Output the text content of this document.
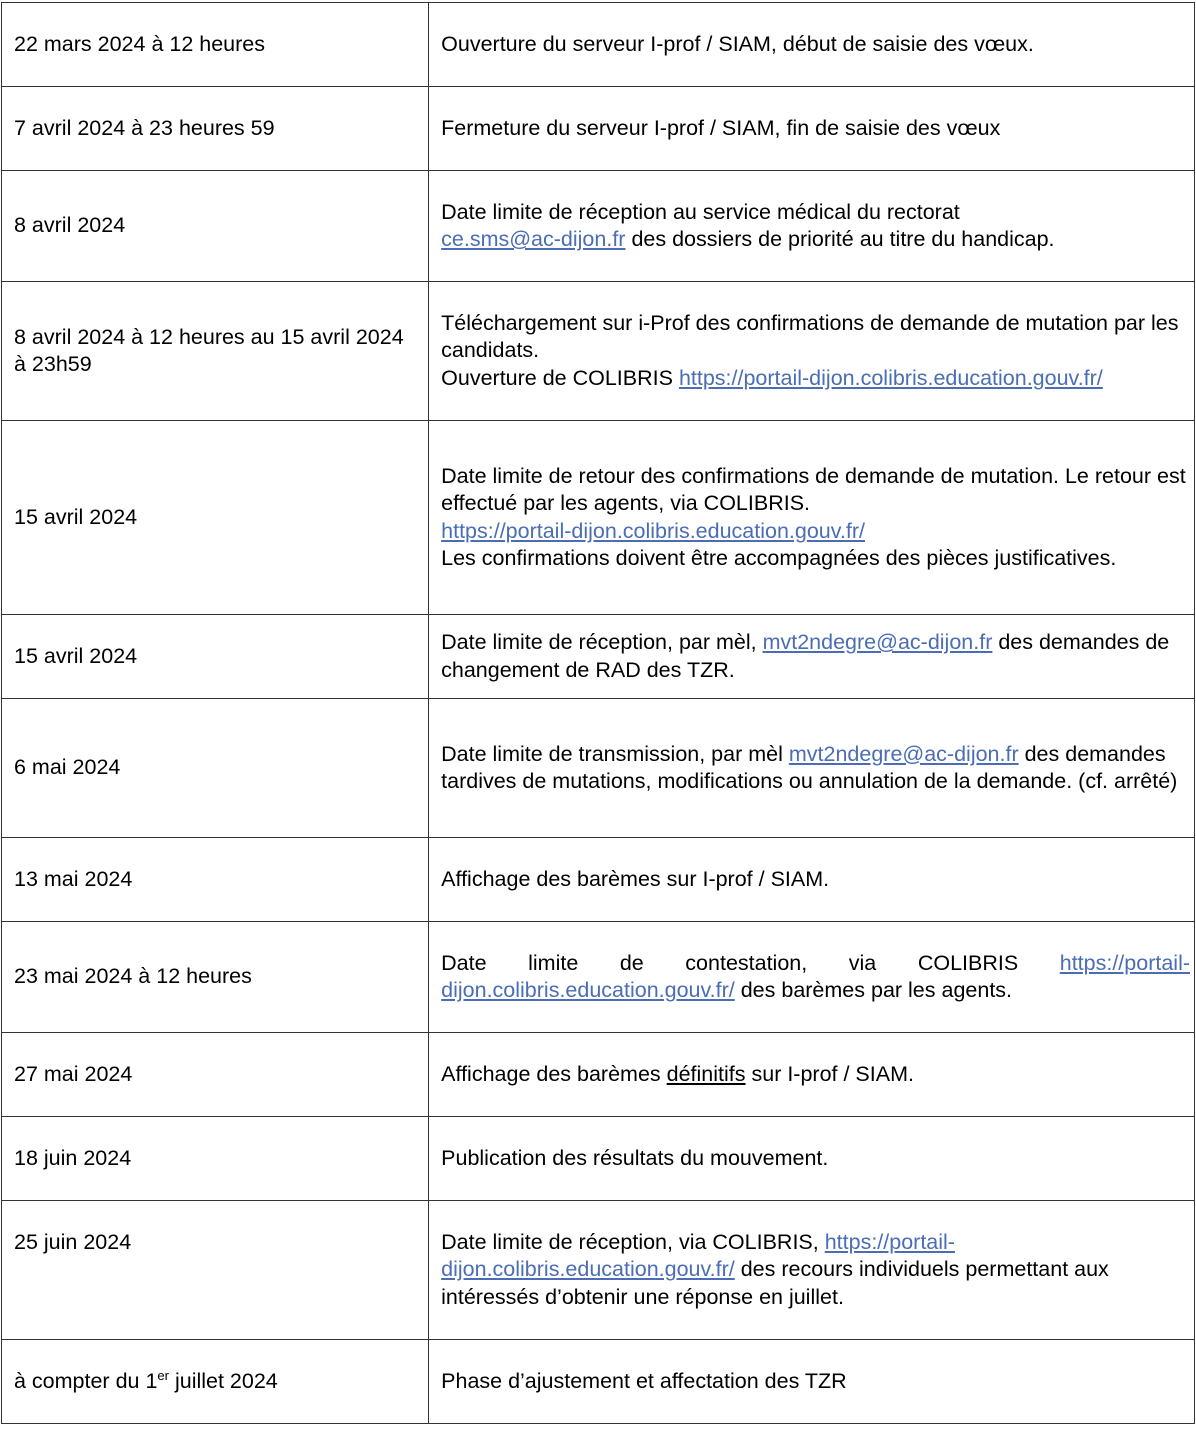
22 mars 2024 à 12 heures	Ouverture du serveur I-prof / SIAM, début de saisie des vœux.
7 avril 2024 à 23 heures 59	Fermeture du serveur I-prof / SIAM, fin de saisie des vœux
8 avril 2024	Date limite de réception au service médical du rectorat
ce.sms@ac-dijon.fr des dossiers de priorité au titre du handicap.
8 avril 2024 à 12 heures au 15 avril 2024 à 23h59	Téléchargement sur i-Prof des confirmations de demande de mutation par les candidats.
Ouverture de COLIBRIS https://portail-dijon.colibris.education.gouv.fr/
15 avril 2024	Date limite de retour des confirmations de demande de mutation. Le retour est effectué par les agents, via COLIBRIS.
https://portail-dijon.colibris.education.gouv.fr/
Les confirmations doivent être accompagnées des pièces justificatives.
15 avril 2024	Date limite de réception, par mèl, mvt2ndegre@ac-dijon.fr des demandes de changement de RAD des TZR.
6 mai 2024	Date limite de transmission, par mèl mvt2ndegre@ac-dijon.fr des demandes tardives de mutations, modifications ou annulation de la demande. (cf. arrêté)
13 mai 2024	Affichage des barèmes sur I-prof / SIAM.
23 mai 2024 à 12 heures	Date limite de contestation, via COLIBRIS https://portail-dijon.colibris.education.gouv.fr/ des barèmes par les agents.
27 mai 2024	Affichage des barèmes définitifs sur I-prof / SIAM.
18 juin 2024	Publication des résultats du mouvement.
25 juin 2024	Date limite de réception, via COLIBRIS, https://portail-dijon.colibris.education.gouv.fr/ des recours individuels permettant aux intéressés d’obtenir une réponse en juillet.
à compter du 1er juillet 2024	Phase d’ajustement et affectation des TZR
